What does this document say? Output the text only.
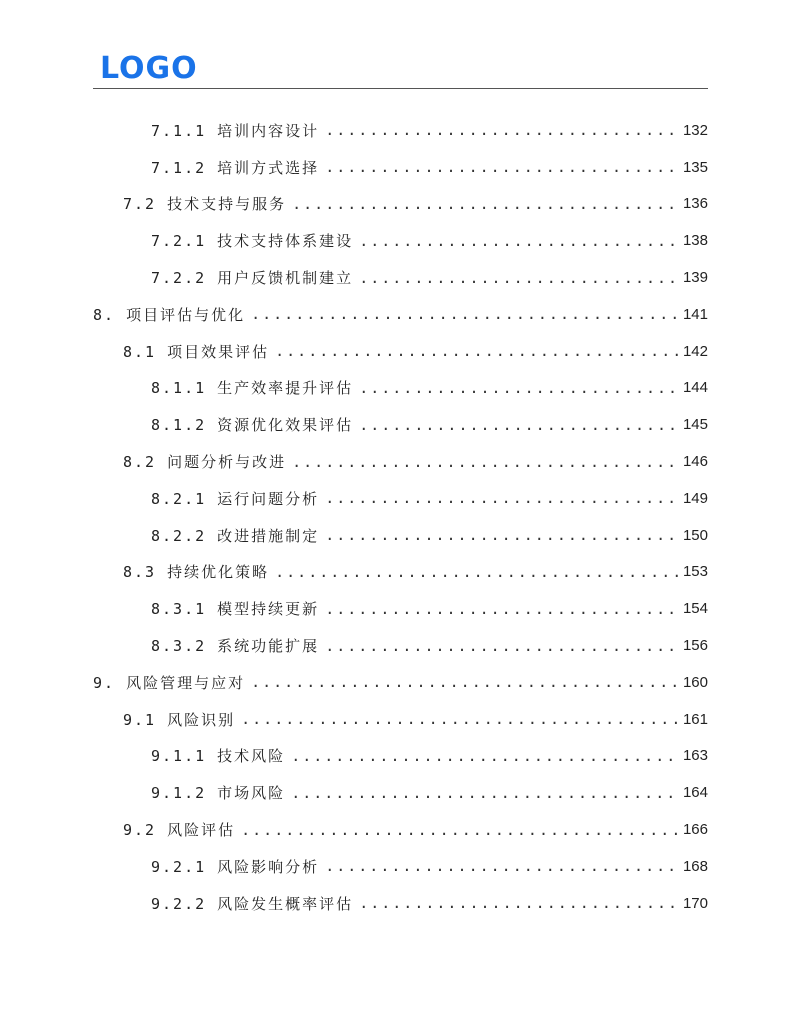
LOGO
7.1.1 培训内容设计 .....	132
7.1.2 培训方式选择 .....	135
7.2 技术支持与服务 .....	136
7.2.1 技术支持体系建设 .....	138
7.2.2 用户反馈机制建立 .....	139
8. 项目评估与优化 .....	141
8.1 项目效果评估 .....	142
8.1.1 生产效率提升评估 .....	144
8.1.2 资源优化效果评估 .....	145
8.2 问题分析与改进 .....	146
8.2.1 运行问题分析 .....	149
8.2.2 改进措施制定 .....	150
8.3 持续优化策略 .....	153
8.3.1 模型持续更新 .....	154
8.3.2 系统功能扩展 .....	156
9. 风险管理与应对 .....	160
9.1 风险识别 .....	161
9.1.1 技术风险 .....	163
9.1.2 市场风险 .....	164
9.2 风险评估 .....	166
9.2.1 风险影响分析 .....	168
9.2.2 风险发生概率评估 .....	170
